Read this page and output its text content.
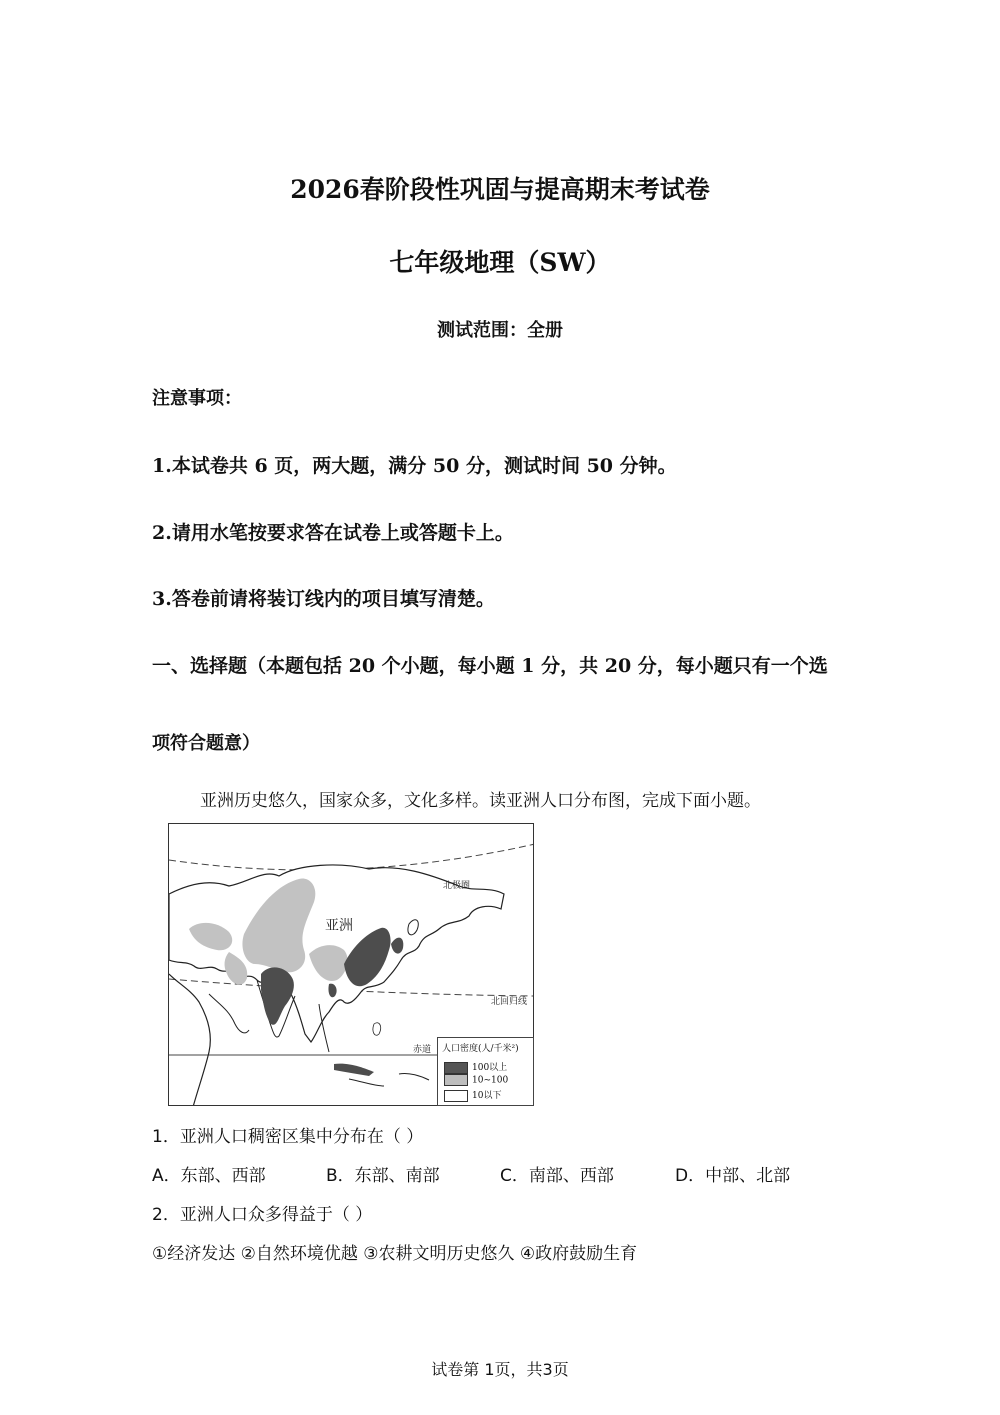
2026春阶段性巩固与提高期末考试卷
七年级地理（SW）
测试范围：全册
注意事项：
1.本试卷共 6 页，两大题，满分 50 分，测试时间 50 分钟。
2.请用水笔按要求答在试卷上或答题卡上。
3.答卷前请将装订线内的项目填写清楚。
一、选择题（本题包括 20 个小题，每小题 1 分，共 20 分，每小题只有一个选
项符合题意）
亚洲历史悠久，国家众多，文化多样。读亚洲人口分布图，完成下面小题。
亚洲
北极圈
北回归线
赤道 人口密度(人/千米²)
100以上
10~100
10以下
1．亚洲人口稠密区集中分布在（ ）
A．东部、西部	B．东部、南部	C．南部、西部	D．中部、北部
2．亚洲人口众多得益于（ ）
①经济发达 ②自然环境优越 ③农耕文明历史悠久 ④政府鼓励生育
试卷第 1页，共3页
